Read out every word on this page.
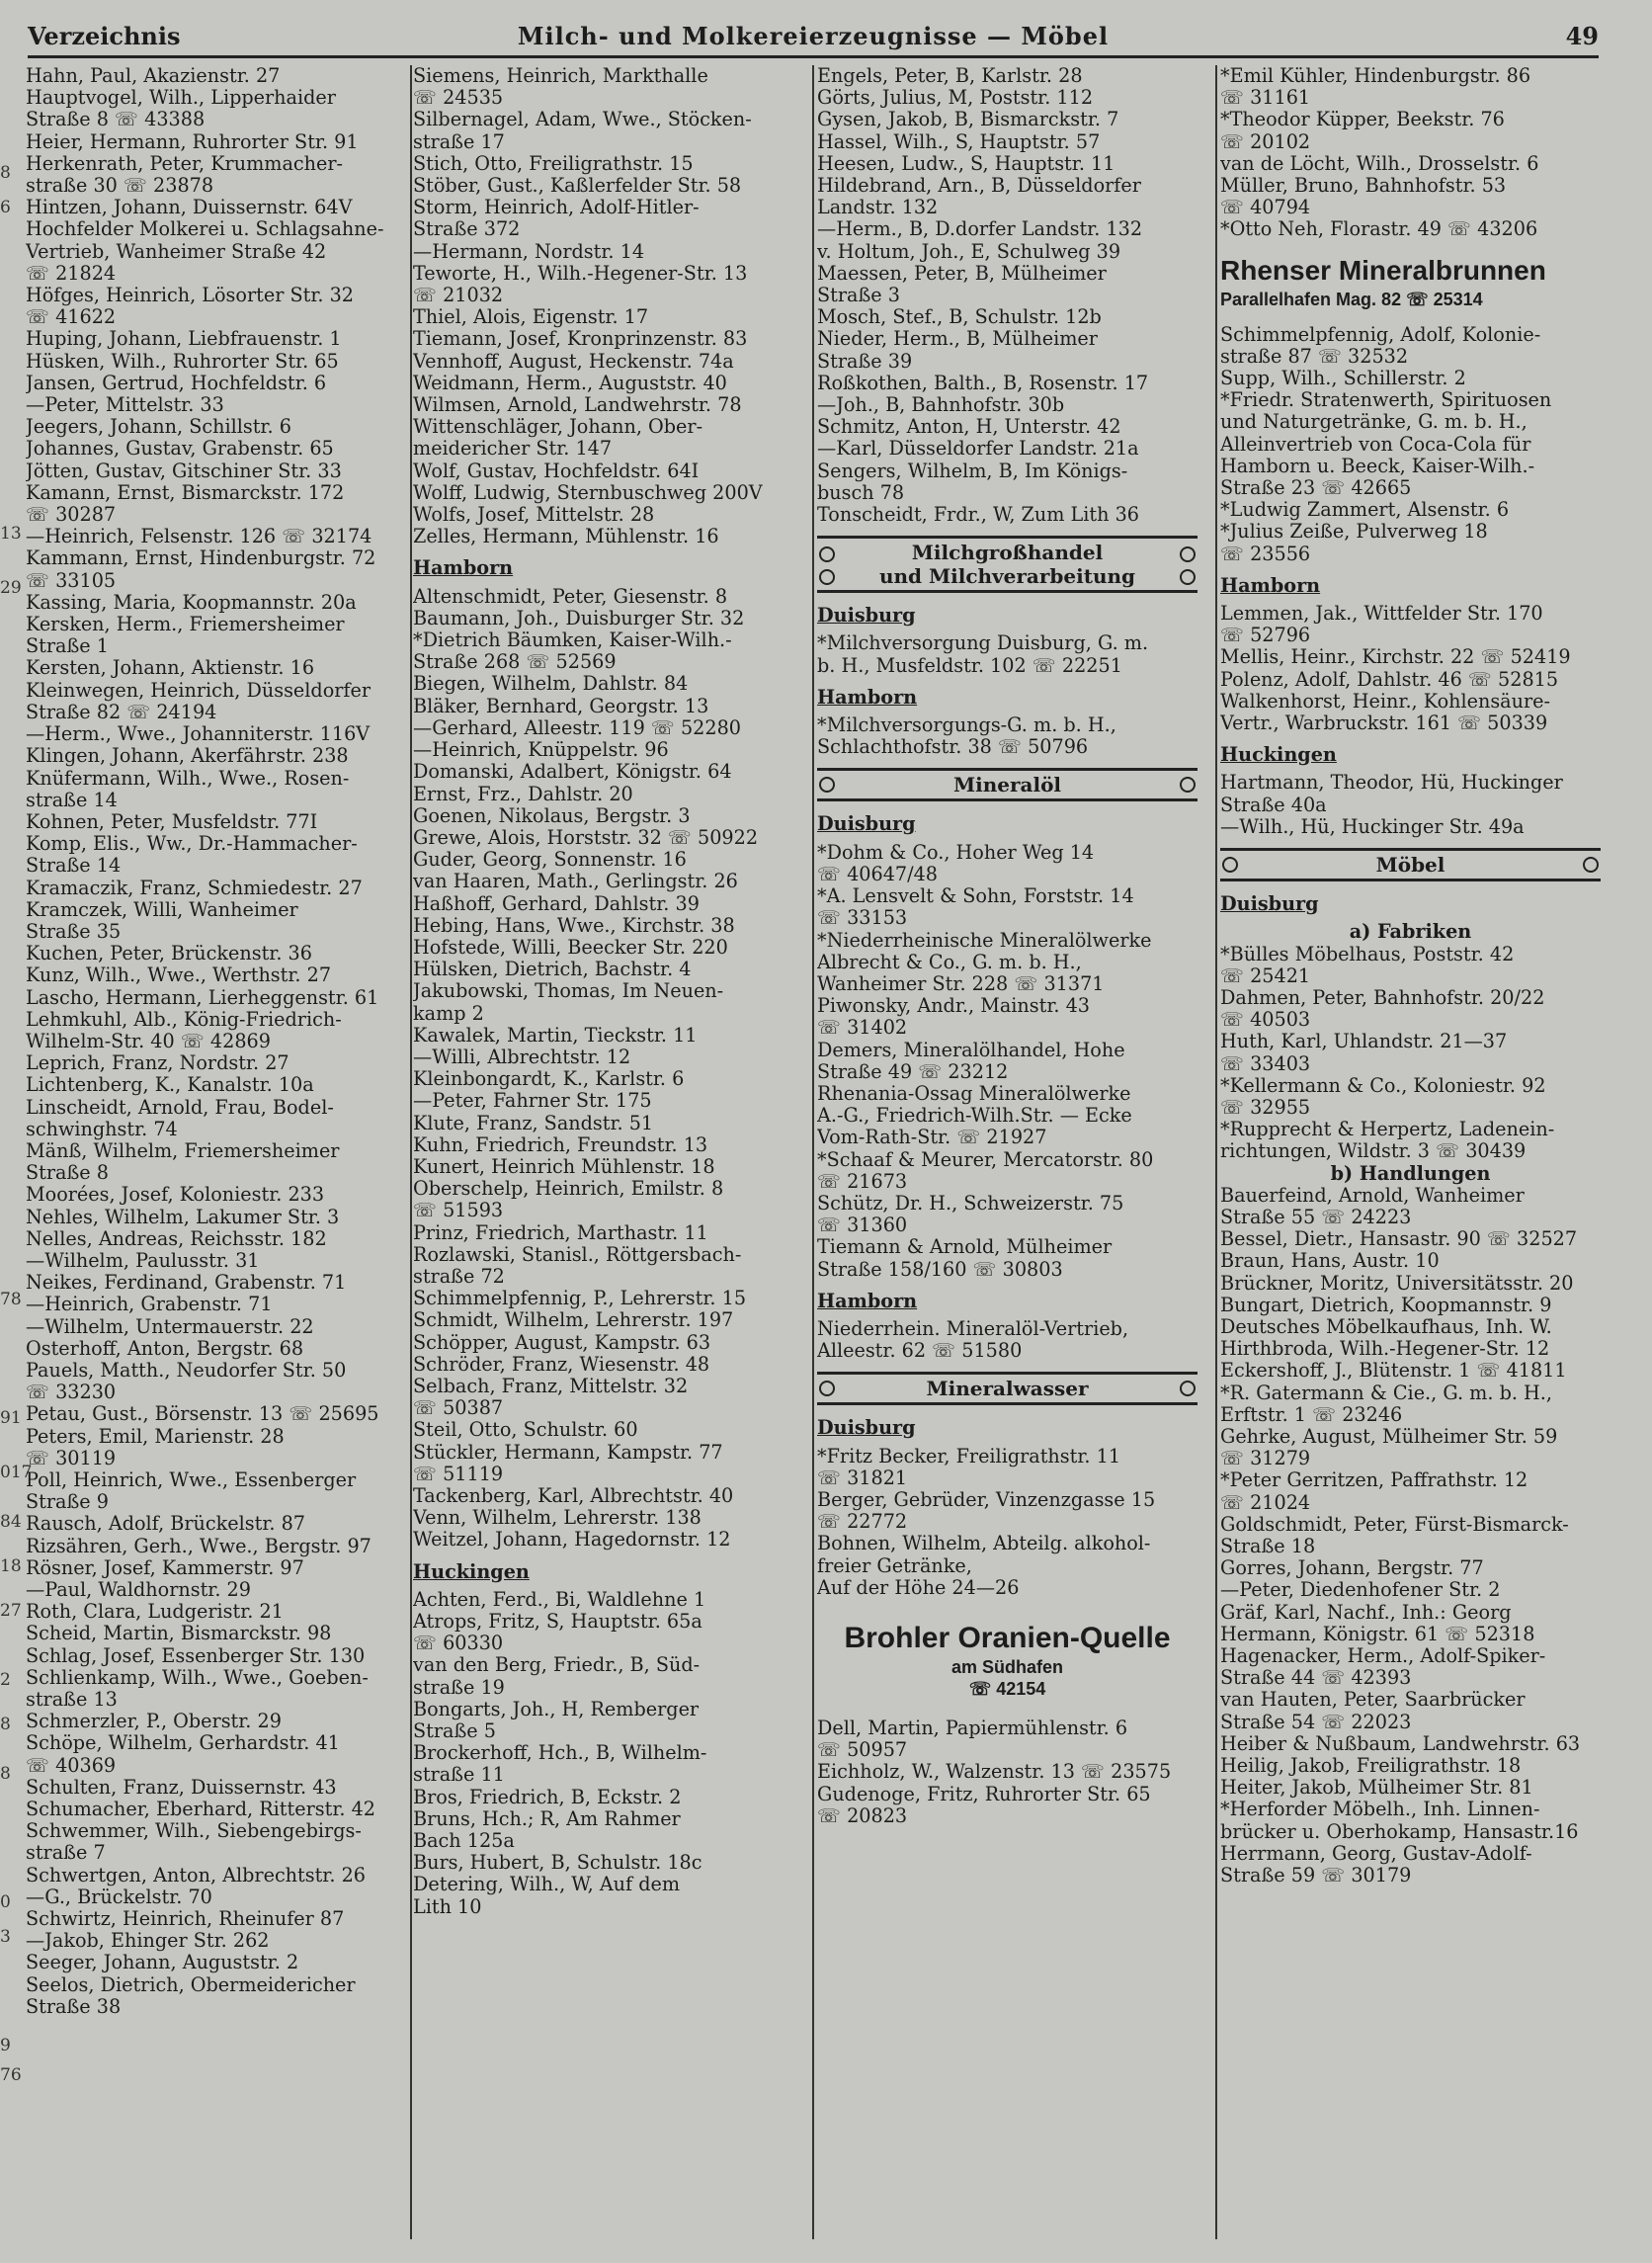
8
6
13
29
78
91
017
84
18
27
2
8
8
0
3
9
76
Verzeichnis	Milch- und Molkereierzeugnisse — Möbel	49
Hahn, Paul, Akazienstr. 27
Hauptvogel, Wilh., Lipperhaider
Straße 8 ☏ 43388
Heier, Hermann, Ruhrorter Str. 91
Herkenrath, Peter, Krummacher-
straße 30 ☏ 23878
Hintzen, Johann, Duissernstr. 64V
Hochfelder Molkerei u. Schlagsahne-
Vertrieb, Wanheimer Straße 42
☏ 21824
Höfges, Heinrich, Lösorter Str. 32
☏ 41622
Huping, Johann, Liebfrauenstr. 1
Hüsken, Wilh., Ruhrorter Str. 65
Jansen, Gertrud, Hochfeldstr. 6
—Peter, Mittelstr. 33
Jeegers, Johann, Schillstr. 6
Johannes, Gustav, Grabenstr. 65
Jötten, Gustav, Gitschiner Str. 33
Kamann, Ernst, Bismarckstr. 172
☏ 30287
—Heinrich, Felsenstr. 126 ☏ 32174
Kammann, Ernst, Hindenburgstr. 72
☏ 33105
Kassing, Maria, Koopmannstr. 20a
Kersken, Herm., Friemersheimer
Straße 1
Kersten, Johann, Aktienstr. 16
Kleinwegen, Heinrich, Düsseldorfer
Straße 82 ☏ 24194
—Herm., Wwe., Johanniterstr. 116V
Klingen, Johann, Akerfährstr. 238
Knüfermann, Wilh., Wwe., Rosen-
straße 14
Kohnen, Peter, Musfeldstr. 77I
Komp, Elis., Ww., Dr.-Hammacher-
Straße 14
Kramaczik, Franz, Schmiedestr. 27
Kramczek, Willi, Wanheimer
Straße 35
Kuchen, Peter, Brückenstr. 36
Kunz, Wilh., Wwe., Werthstr. 27
Lascho, Hermann, Lierheggenstr. 61
Lehmkuhl, Alb., König-Friedrich-
Wilhelm-Str. 40 ☏ 42869
Leprich, Franz, Nordstr. 27
Lichtenberg, K., Kanalstr. 10a
Linscheidt, Arnold, Frau, Bodel-
schwinghstr. 74
Mänß, Wilhelm, Friemersheimer
Straße 8
Moorées, Josef, Koloniestr. 233
Nehles, Wilhelm, Lakumer Str. 3
Nelles, Andreas, Reichsstr. 182
—Wilhelm, Paulusstr. 31
Neikes, Ferdinand, Grabenstr. 71
—Heinrich, Grabenstr. 71
—Wilhelm, Untermauerstr. 22
Osterhoff, Anton, Bergstr. 68
Pauels, Matth., Neudorfer Str. 50
☏ 33230
Petau, Gust., Börsenstr. 13 ☏ 25695
Peters, Emil, Marienstr. 28
☏ 30119
Poll, Heinrich, Wwe., Essenberger
Straße 9
Rausch, Adolf, Brückelstr. 87
Rizsähren, Gerh., Wwe., Bergstr. 97
Rösner, Josef, Kammerstr. 97
—Paul, Waldhornstr. 29
Roth, Clara, Ludgeristr. 21
Scheid, Martin, Bismarckstr. 98
Schlag, Josef, Essenberger Str. 130
Schlienkamp, Wilh., Wwe., Goeben-
straße 13
Schmerzler, P., Oberstr. 29
Schöpe, Wilhelm, Gerhardstr. 41
☏ 40369
Schulten, Franz, Duissernstr. 43
Schumacher, Eberhard, Ritterstr. 42
Schwemmer, Wilh., Siebengebirgs-
straße 7
Schwertgen, Anton, Albrechtstr. 26
—G., Brückelstr. 70
Schwirtz, Heinrich, Rheinufer 87
—Jakob, Ehinger Str. 262
Seeger, Johann, Auguststr. 2
Seelos, Dietrich, Obermeidericher
Straße 38
Siemens, Heinrich, Markthalle
☏ 24535
Silbernagel, Adam, Wwe., Stöcken-
straße 17
Stich, Otto, Freiligrathstr. 15
Stöber, Gust., Kaßlerfelder Str. 58
Storm, Heinrich, Adolf-Hitler-
Straße 372
—Hermann, Nordstr. 14
Teworte, H., Wilh.-Hegener-Str. 13
☏ 21032
Thiel, Alois, Eigenstr. 17
Tiemann, Josef, Kronprinzenstr. 83
Vennhoff, August, Heckenstr. 74a
Weidmann, Herm., Auguststr. 40
Wilmsen, Arnold, Landwehrstr. 78
Wittenschläger, Johann, Ober-
meidericher Str. 147
Wolf, Gustav, Hochfeldstr. 64I
Wolff, Ludwig, Sternbuschweg 200V
Wolfs, Josef, Mittelstr. 28
Zelles, Hermann, Mühlenstr. 16
Hamborn
Altenschmidt, Peter, Giesenstr. 8
Baumann, Joh., Duisburger Str. 32
*Dietrich Bäumken, Kaiser-Wilh.-
Straße 268 ☏ 52569
Biegen, Wilhelm, Dahlstr. 84
Bläker, Bernhard, Georgstr. 13
—Gerhard, Alleestr. 119 ☏ 52280
—Heinrich, Knüppelstr. 96
Domanski, Adalbert, Königstr. 64
Ernst, Frz., Dahlstr. 20
Goenen, Nikolaus, Bergstr. 3
Grewe, Alois, Horststr. 32 ☏ 50922
Guder, Georg, Sonnenstr. 16
van Haaren, Math., Gerlingstr. 26
Haßhoff, Gerhard, Dahlstr. 39
Hebing, Hans, Wwe., Kirchstr. 38
Hofstede, Willi, Beecker Str. 220
Hülsken, Dietrich, Bachstr. 4
Jakubowski, Thomas, Im Neuen-
kamp 2
Kawalek, Martin, Tieckstr. 11
—Willi, Albrechtstr. 12
Kleinbongardt, K., Karlstr. 6
—Peter, Fahrner Str. 175
Klute, Franz, Sandstr. 51
Kuhn, Friedrich, Freundstr. 13
Kunert, Heinrich Mühlenstr. 18
Oberschelp, Heinrich, Emilstr. 8
☏ 51593
Prinz, Friedrich, Marthastr. 11
Rozlawski, Stanisl., Röttgersbach-
straße 72
Schimmelpfennig, P., Lehrerstr. 15
Schmidt, Wilhelm, Lehrerstr. 197
Schöpper, August, Kampstr. 63
Schröder, Franz, Wiesenstr. 48
Selbach, Franz, Mittelstr. 32
☏ 50387
Steil, Otto, Schulstr. 60
Stückler, Hermann, Kampstr. 77
☏ 51119
Tackenberg, Karl, Albrechtstr. 40
Venn, Wilhelm, Lehrerstr. 138
Weitzel, Johann, Hagedornstr. 12
Huckingen
Achten, Ferd., Bi, Waldlehne 1
Atrops, Fritz, S, Hauptstr. 65a
☏ 60330
van den Berg, Friedr., B, Süd-
straße 19
Bongarts, Joh., H, Remberger
Straße 5
Brockerhoff, Hch., B, Wilhelm-
straße 11
Bros, Friedrich, B, Eckstr. 2
Bruns, Hch.; R, Am Rahmer
Bach 125a
Burs, Hubert, B, Schulstr. 18c
Detering, Wilh., W, Auf dem
Lith 10
Engels, Peter, B, Karlstr. 28
Görts, Julius, M, Poststr. 112
Gysen, Jakob, B, Bismarckstr. 7
Hassel, Wilh., S, Hauptstr. 57
Heesen, Ludw., S, Hauptstr. 11
Hildebrand, Arn., B, Düsseldorfer
Landstr. 132
—Herm., B, D.dorfer Landstr. 132
v. Holtum, Joh., E, Schulweg 39
Maessen, Peter, B, Mülheimer
Straße 3
Mosch, Stef., B, Schulstr. 12b
Nieder, Herm., B, Mülheimer
Straße 39
Roßkothen, Balth., B, Rosenstr. 17
—Joh., B, Bahnhofstr. 30b
Schmitz, Anton, H, Unterstr. 42
—Karl, Düsseldorfer Landstr. 21a
Sengers, Wilhelm, B, Im Königs-
busch 78
Tonscheidt, Frdr., W, Zum Lith 36
Milchgroßhandel
und Milchverarbeitung
Duisburg
*Milchversorgung Duisburg, G. m.
b. H., Musfeldstr. 102 ☏ 22251
Hamborn
*Milchversorgungs-G. m. b. H.,
Schlachthofstr. 38 ☏ 50796
Mineralöl
Duisburg
*Dohm & Co., Hoher Weg 14
☏ 40647/48
*A. Lensvelt & Sohn, Forststr. 14
☏ 33153
*Niederrheinische Mineralölwerke
Albrecht & Co., G. m. b. H.,
Wanheimer Str. 228 ☏ 31371
Piwonsky, Andr., Mainstr. 43
☏ 31402
Demers, Mineralölhandel, Hohe
Straße 49 ☏ 23212
Rhenania-Ossag Mineralölwerke
A.-G., Friedrich-Wilh.Str. — Ecke
Vom-Rath-Str. ☏ 21927
*Schaaf & Meurer, Mercatorstr. 80
☏ 21673
Schütz, Dr. H., Schweizerstr. 75
☏ 31360
Tiemann & Arnold, Mülheimer
Straße 158/160 ☏ 30803
Hamborn
Niederrhein. Mineralöl-Vertrieb,
Alleestr. 62 ☏ 51580
Mineralwasser
Duisburg
*Fritz Becker, Freiligrathstr. 11
☏ 31821
Berger, Gebrüder, Vinzenzgasse 15
☏ 22772
Bohnen, Wilhelm, Abteilg. alkohol-
freier Getränke,
Auf der Höhe 24—26
Brohler Oranien-Quelle
am Südhafen
☏ 42154
Dell, Martin, Papiermühlenstr. 6
☏ 50957
Eichholz, W., Walzenstr. 13 ☏ 23575
Gudenoge, Fritz, Ruhrorter Str. 65
☏ 20823
*Emil Kühler, Hindenburgstr. 86
☏ 31161
*Theodor Küpper, Beekstr. 76
☏ 20102
van de Löcht, Wilh., Drosselstr. 6
Müller, Bruno, Bahnhofstr. 53
☏ 40794
*Otto Neh, Florastr. 49 ☏ 43206
Rhenser Mineralbrunnen
Parallelhafen Mag. 82 ☏ 25314
Schimmelpfennig, Adolf, Kolonie-
straße 87 ☏ 32532
Supp, Wilh., Schillerstr. 2
*Friedr. Stratenwerth, Spirituosen
und Naturgetränke, G. m. b. H.,
Alleinvertrieb von Coca-Cola für
Hamborn u. Beeck, Kaiser-Wilh.-
Straße 23 ☏ 42665
*Ludwig Zammert, Alsenstr. 6
*Julius Zeiße, Pulverweg 18
☏ 23556
Hamborn
Lemmen, Jak., Wittfelder Str. 170
☏ 52796
Mellis, Heinr., Kirchstr. 22 ☏ 52419
Polenz, Adolf, Dahlstr. 46 ☏ 52815
Walkenhorst, Heinr., Kohlensäure-
Vertr., Warbruckstr. 161 ☏ 50339
Huckingen
Hartmann, Theodor, Hü, Huckinger
Straße 40a
—Wilh., Hü, Huckinger Str. 49a
Möbel
Duisburg
a) Fabriken
*Bülles Möbelhaus, Poststr. 42
☏ 25421
Dahmen, Peter, Bahnhofstr. 20/22
☏ 40503
Huth, Karl, Uhlandstr. 21—37
☏ 33403
*Kellermann & Co., Koloniestr. 92
☏ 32955
*Rupprecht & Herpertz, Ladenein-
richtungen, Wildstr. 3 ☏ 30439
b) Handlungen
Bauerfeind, Arnold, Wanheimer
Straße 55 ☏ 24223
Bessel, Dietr., Hansastr. 90 ☏ 32527
Braun, Hans, Austr. 10
Brückner, Moritz, Universitätsstr. 20
Bungart, Dietrich, Koopmannstr. 9
Deutsches Möbelkaufhaus, Inh. W.
Hirthbroda, Wilh.-Hegener-Str. 12
Eckershoff, J., Blütenstr. 1 ☏ 41811
*R. Gatermann & Cie., G. m. b. H.,
Erftstr. 1 ☏ 23246
Gehrke, August, Mülheimer Str. 59
☏ 31279
*Peter Gerritzen, Paffrathstr. 12
☏ 21024
Goldschmidt, Peter, Fürst-Bismarck-
Straße 18
Gorres, Johann, Bergstr. 77
—Peter, Diedenhofener Str. 2
Gräf, Karl, Nachf., Inh.: Georg
Hermann, Königstr. 61 ☏ 52318
Hagenacker, Herm., Adolf-Spiker-
Straße 44 ☏ 42393
van Hauten, Peter, Saarbrücker
Straße 54 ☏ 22023
Heiber & Nußbaum, Landwehrstr. 63
Heilig, Jakob, Freiligrathstr. 18
Heiter, Jakob, Mülheimer Str. 81
*Herforder Möbelh., Inh. Linnen-
brücker u. Oberhokamp, Hansastr.16
Herrmann, Georg, Gustav-Adolf-
Straße 59 ☏ 30179
